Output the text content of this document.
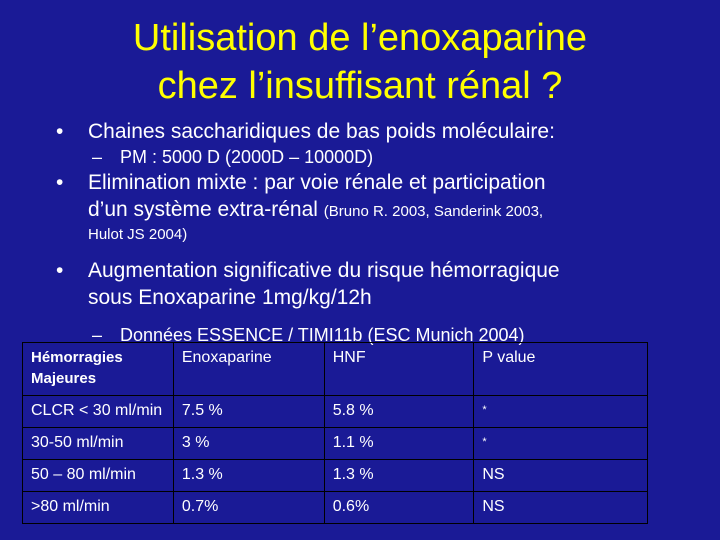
Utilisation de l’enoxaparine
chez l’insuffisant rénal ?
• Chaines saccharidiques de bas poids moléculaire:
– PM : 5000 D (2000D – 10000D)
• Elimination mixte : par voie rénale et participation
d’un système extra-rénal (Bruno R. 2003, Sanderink 2003,
Hulot JS 2004)
• Augmentation significative du risque hémorragique
sous Enoxaparine 1mg/kg/12h
– Données ESSENCE / TIMI11b (ESC Munich 2004)
Hémorragies Majeures	Enoxaparine	HNF	P value
CLCR < 30 ml/min	7.5 %	5.8 %	*
30-50 ml/min	3 %	1.1 %	*
50 – 80 ml/min	1.3 %	1.3 %	NS
>80 ml/min	0.7%	0.6%	NS
